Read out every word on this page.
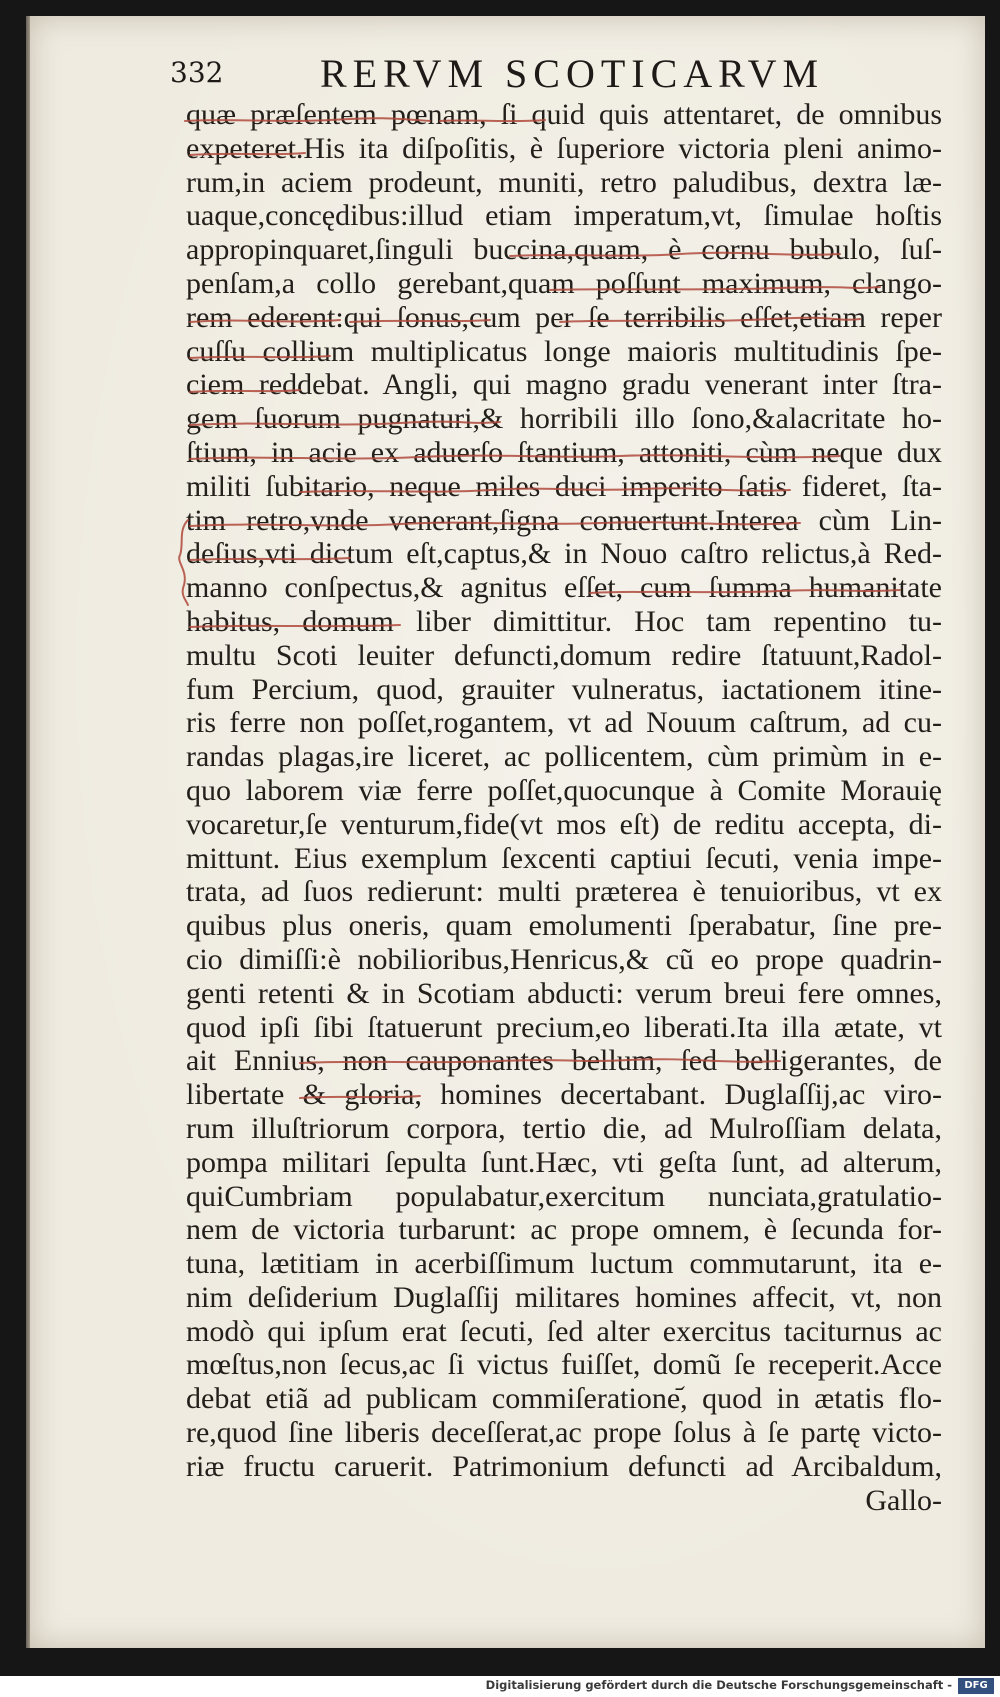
332 RERVM SCOTICARVM
quæ præſentem pœnam, ſi quid quis attentaret, de omnibus
expeteret.His ita diſpoſitis, è ſuperiore victoria pleni animo-
rum,in aciem prodeunt, muniti, retro paludibus, dextra læ-
uaque,concędibus:illud etiam imperatum,vt, ſimulae hoſtis
appropinquaret,ſinguli buccina,quam, è cornu bubulo, ſuſ-
penſam,a collo gerebant,quam poſſunt maximum, clango-
rem ederent:qui ſonus,cum per ſe terribilis eſſet,etiam reper
cuſſu collium multiplicatus longe maioris multitudinis ſpe-
ciem reddebat. Angli, qui magno gradu venerant inter ſtra-
gem ſuorum pugnaturi,& horribili illo ſono,&alacritate ho-
ſtium, in acie ex aduerſo ſtantium, attoniti, cùm neque dux
militi ſubitario, neque miles duci imperito ſatis fideret, ſta-
tim retro,vnde venerant,ſigna conuertunt.Interea cùm Lin-
deſius,vti dictum eſt,captus,& in Nouo caſtro relictus,à Red-
manno conſpectus,& agnitus eſſet, cum ſumma humanitate
habitus, domum liber dimittitur. Hoc tam repentino tu-
multu Scoti leuiter defuncti,domum redire ſtatuunt,Radol-
fum Percium, quod, grauiter vulneratus, iactationem itine-
ris ferre non poſſet,rogantem, vt ad Nouum caſtrum, ad cu-
randas plagas,ire liceret, ac pollicentem, cùm primùm in e-
quo laborem viæ ferre poſſet,quocunque à Comite Morauię
vocaretur,ſe venturum,fide(vt mos eſt) de reditu accepta, di-
mittunt. Eius exemplum ſexcenti captiui ſecuti, venia impe-
trata, ad ſuos redierunt: multi præterea è tenuioribus, vt ex
quibus plus oneris, quam emolumenti ſperabatur, ſine pre-
cio dimiſſi:è nobilioribus,Henricus,& cũ eo prope quadrin-
genti retenti & in Scotiam abducti: verum breui fere omnes,
quod ipſi ſibi ſtatuerunt precium,eo liberati.Ita illa ætate, vt
ait Ennius, non cauponantes bellum, ſed belligerantes, de
libertate & gloria, homines decertabant. Duglaſſij,ac viro-
rum illuſtriorum corpora, tertio die, ad Mulroſſiam delata,
pompa militari ſepulta ſunt.Hæc, vti geſta ſunt, ad alterum,
quiCumbriam populabatur,exercitum nunciata,gratulatio-
nem de victoria turbarunt: ac prope omnem, è ſecunda for-
tuna, lætitiam in acerbiſſimum luctum commutarunt, ita e-
nim deſiderium Duglaſſij militares homines affecit, vt, non
modò qui ipſum erat ſecuti, ſed alter exercitus taciturnus ac
mœſtus,non ſecus,ac ſi victus fuiſſet, domũ ſe receperit.Acce
debat etiã ad publicam commiſeratione᷄, quod in ætatis flo-
re,quod ſine liberis deceſſerat,ac prope ſolus à ſe partę victo-
riæ fructu caruerit. Patrimonium defuncti ad Arcibaldum,
Gallo-
Digitalisierung gefördert durch die Deutsche Forschungsgemeinschaft -	DFG
